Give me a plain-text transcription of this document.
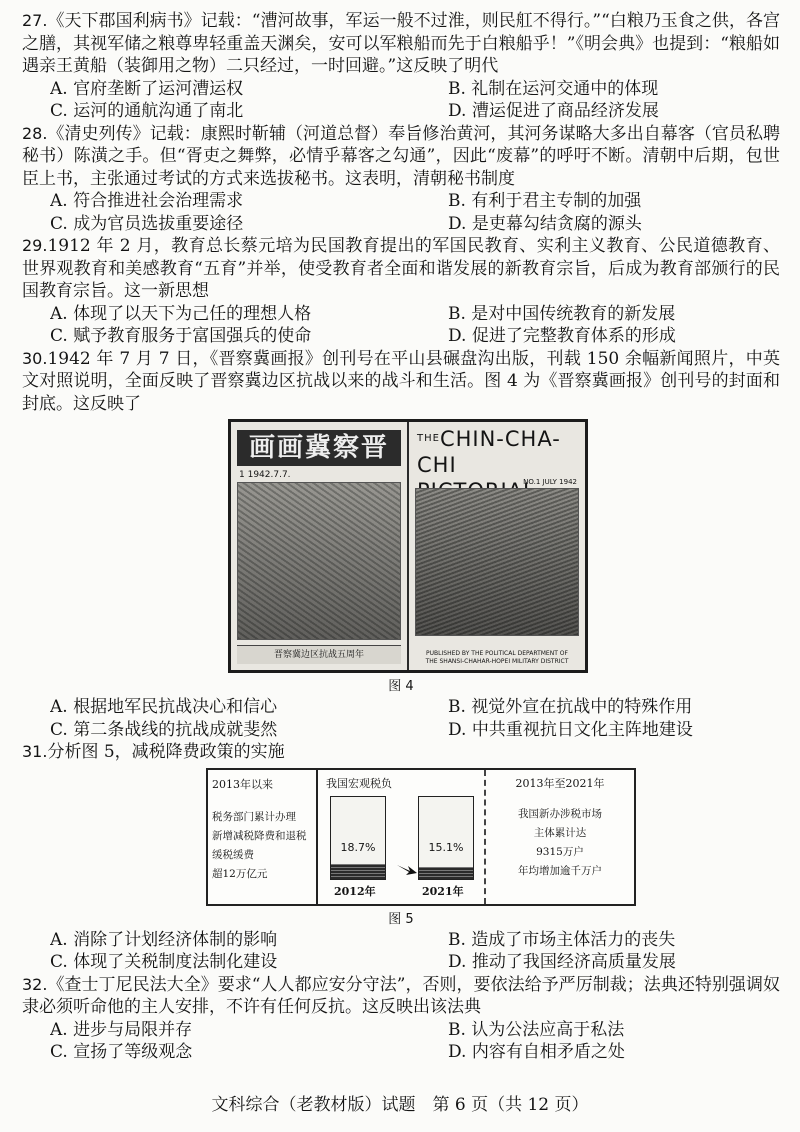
27.《天下郡国利病书》记载：“漕河故事，军运一般不过淮，则民舡不得行。”“白粮乃玉食之供，各宫之膳，其视军储之粮尊卑轻重盖天渊矣，安可以军粮船而先于白粮船乎！”《明会典》也提到：“粮船如遇亲王黄船（装御用之物）二只经过，一时回避。”这反映了明代

A. 官府垄断了运河漕运权	B. 礼制在运河交通中的体现
C. 运河的通航沟通了南北	D. 漕运促进了商品经济发展

28.《清史列传》记载：康熙时靳辅（河道总督）奉旨修治黄河，其河务谋略大多出自幕客（官员私聘秘书）陈潢之手。但“胥吏之舞弊，必情乎幕客之勾通”，因此“废幕”的呼吁不断。清朝中后期，包世臣上书，主张通过考试的方式来选拔秘书。这表明，清朝秘书制度

A. 符合推进社会治理需求	B. 有利于君主专制的加强
C. 成为官员选拔重要途径	D. 是吏幕勾结贪腐的源头

29.1912 年 2 月，教育总长蔡元培为民国教育提出的军国民教育、实利主义教育、公民道德教育、世界观教育和美感教育“五育”并举，使受教育者全面和谐发展的新教育宗旨，后成为教育部颁行的民国教育宗旨。这一新思想

A. 体现了以天下为己任的理想人格	B. 是对中国传统教育的新发展
C. 赋予教育服务于富国强兵的使命	D. 促进了完整教育体系的形成

30.1942 年 7 月 7 日，《晋察冀画报》创刊号在平山县碾盘沟出版，刊载 150 余幅新闻照片，中英文对照说明，全面反映了晋察冀边区抗战以来的战斗和生活。图 4 为《晋察冀画报》创刊号的封面和封底。这反映了

画画冀察晋
1 1942.7.7.
晋察冀边区抗战五周年
$^{THE}$CHIN-CHA-CHI

NO.1 JULY 1942
PUBLISHED BY THE POLITICAL DEPARTMENT OF
THE SHANSI-CHAHAR-HOPEI MILITARY DISTRICT
图 4
A. 根据地军民抗战决心和信心	B. 视觉外宣在抗战中的特殊作用
C. 第二条战线的抗战成就斐然	D. 中共重视抗日文化主阵地建设

31.分析图 5，减税降费政策的实施

2013年以来
税务部门累计办理
新增减税降费和退税
缓税缓费
超12万亿元
我国宏观税负
18.7%	15.1%
2012年	2021年
2013年至2021年
我国新办涉税市场
主体累计达
9315万户
年均增加逾千万户
图 5
A. 消除了计划经济体制的影响	B. 造成了市场主体活力的丧失
C. 体现了关税制度法制化建设	D. 推动了我国经济高质量发展

32.《查士丁尼民法大全》要求“人人都应安分守法”，否则，要依法给予严厉制裁；法典还特别强调奴隶必须听命他的主人安排，不许有任何反抗。这反映出该法典

A. 进步与局限并存	B. 认为公法应高于私法
C. 宣扬了等级观念	D. 内容有自相矛盾之处
文科综合（老教材版）试题　第 6 页（共 12 页）
